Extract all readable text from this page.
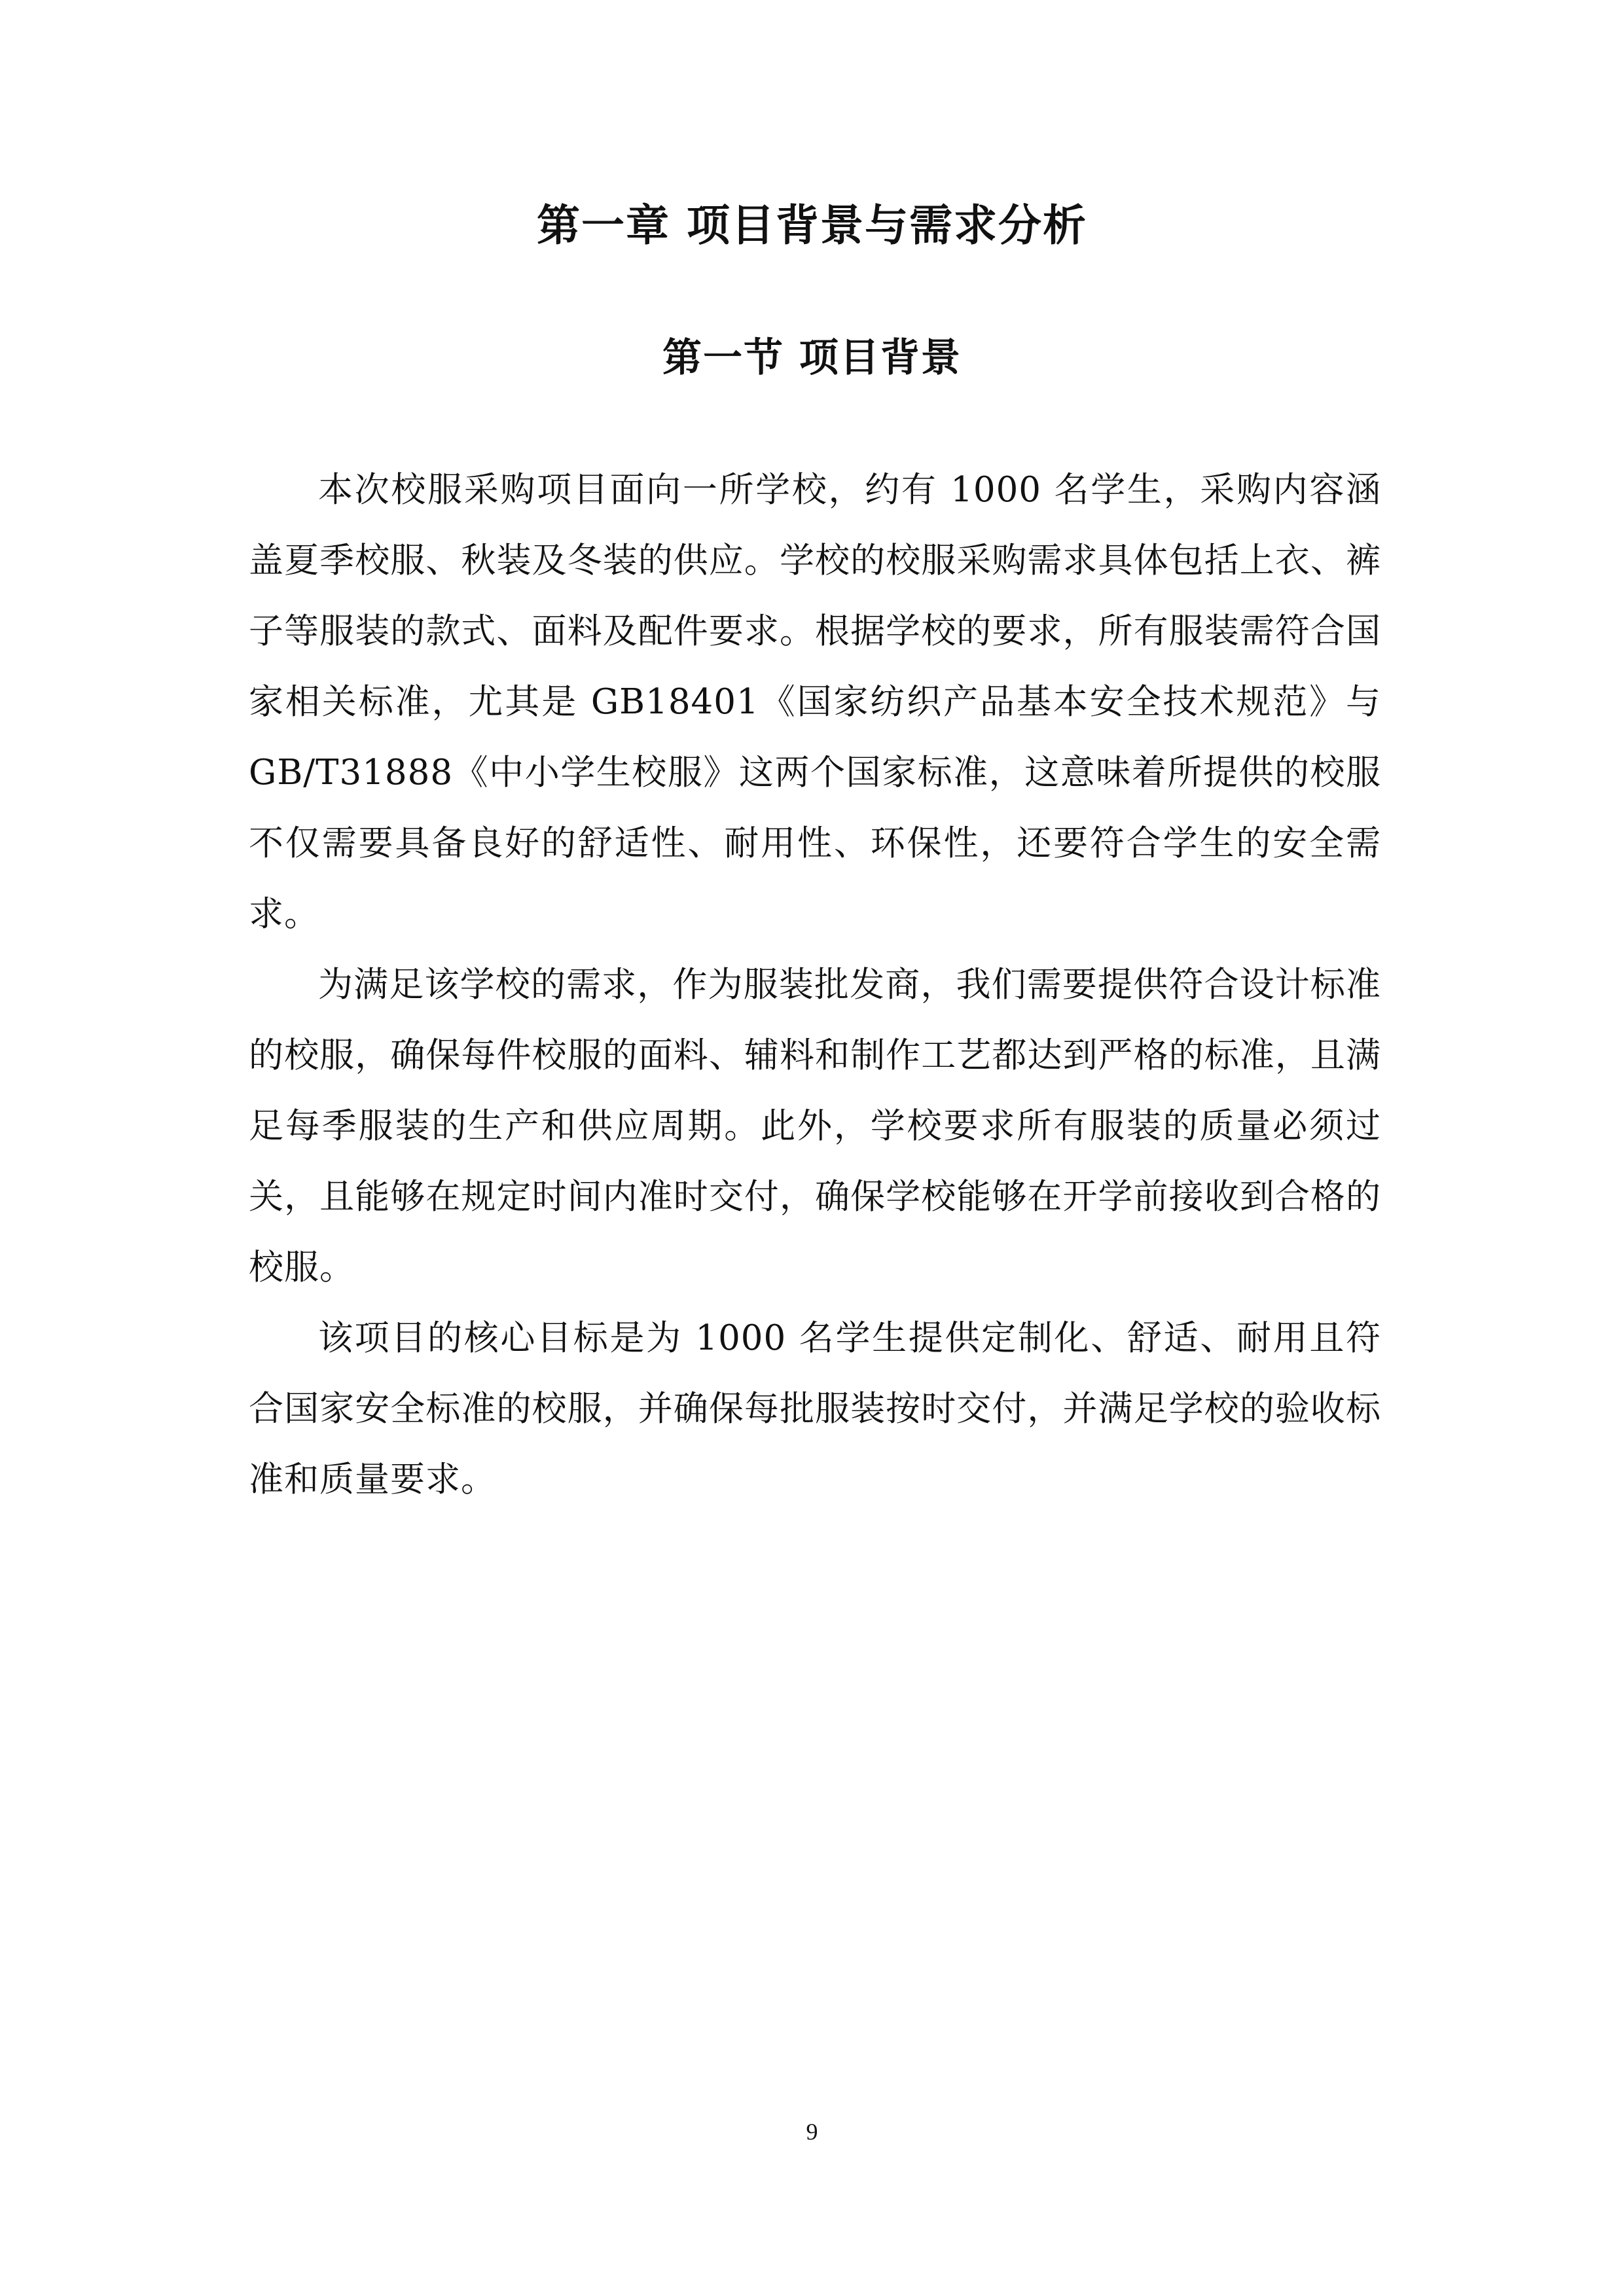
第一章 项目背景与需求分析
第一节 项目背景

本次校服采购项目面向一所学校，约有 1000 名学生，采购内容涵盖夏季校服、秋装及冬装的供应。学校的校服采购需求具体包括上衣、裤子等服装的款式、面料及配件要求。根据学校的要求，所有服装需符合国家相关标准，尤其是 GB18401《国家纺织产品基本安全技术规范》与 GB/T31888《中小学生校服》这两个国家标准，这意味着所提供的校服不仅需要具备良好的舒适性、耐用性、环保性，还要符合学生的安全需求。

为满足该学校的需求，作为服装批发商，我们需要提供符合设计标准的校服，确保每件校服的面料、辅料和制作工艺都达到严格的标准，且满足每季服装的生产和供应周期。此外，学校要求所有服装的质量必须过关，且能够在规定时间内准时交付，确保学校能够在开学前接收到合格的校服。

该项目的核心目标是为 1000 名学生提供定制化、舒适、耐用且符合国家安全标准的校服，并确保每批服装按时交付，并满足学校的验收标准和质量要求。

9
